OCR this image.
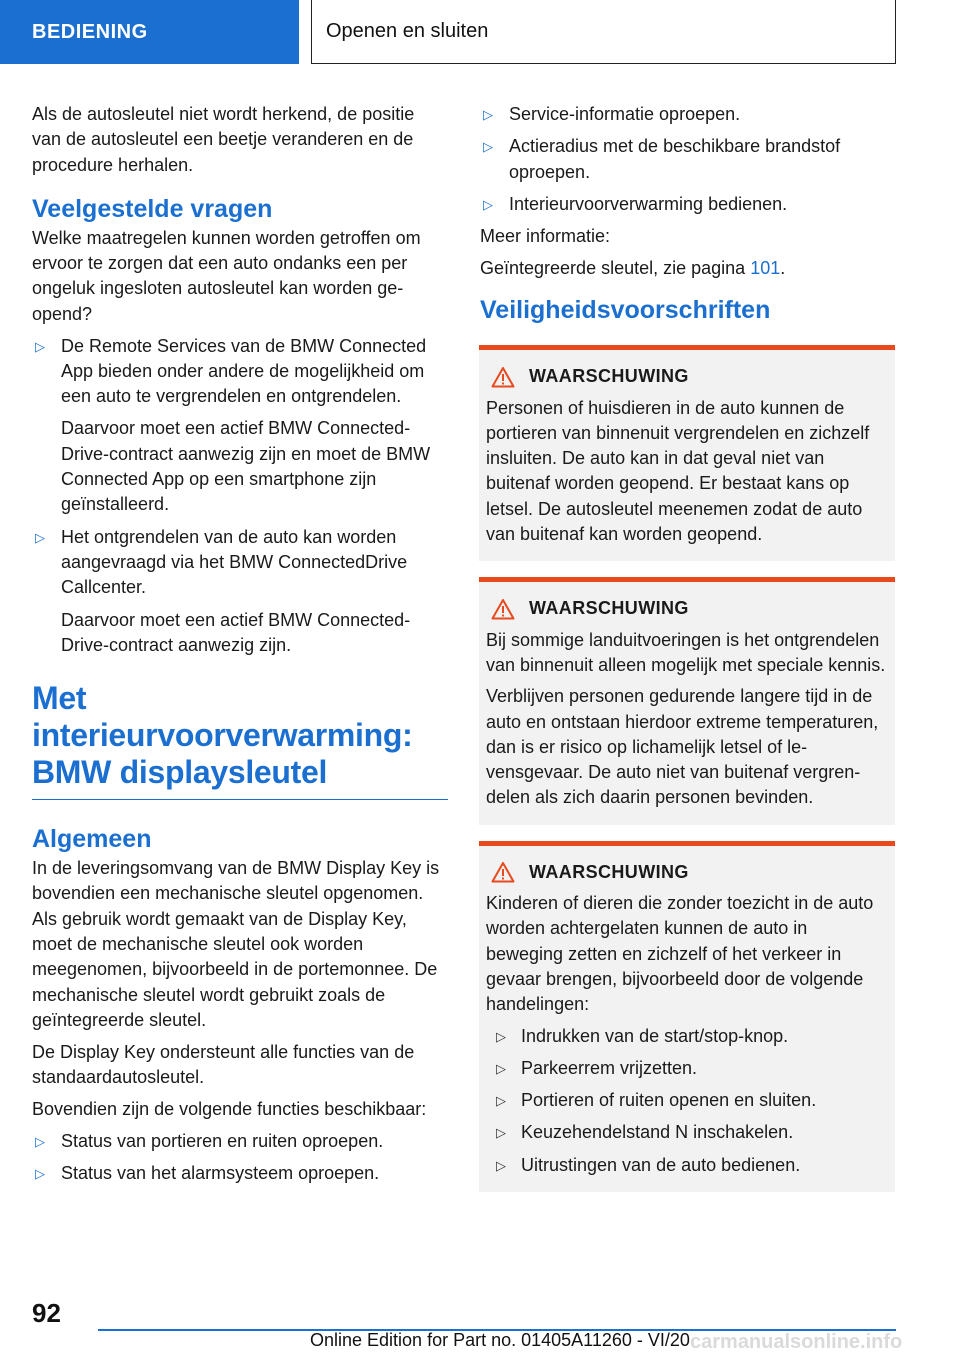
BEDIENING	Openen en sluiten

Als de autosleutel niet wordt herkend, de positie van de autosleutel een beetje veranderen en de procedure herhalen.

Veelgestelde vragen

Welke maatregelen kunnen worden getroffen om ervoor te zorgen dat een auto ondanks een per ongeluk ingesloten autosleutel kan worden geopend?

▷ De Remote Services van de BMW Connected App bieden onder andere de mogelijkheid om een auto te vergrendelen en ontgrendelen.

Daarvoor moet een actief BMW ConnectedDrive-contract aanwezig zijn en moet de BMW Connected App op een smartphone zijn geïnstalleerd.

▷ Het ontgrendelen van de auto kan worden aangevraagd via het BMW ConnectedDrive Callcenter.

Daarvoor moet een actief BMW ConnectedDrive-contract aanwezig zijn.

Met interieurvoorverwarming: BMW displaysleutel
Algemeen

In de leveringsomvang van de BMW Display Key is bovendien een mechanische sleutel opgenomen. Als gebruik wordt gemaakt van de Display Key, moet de mechanische sleutel ook worden meegenomen, bijvoorbeeld in de portemonnee. De mechanische sleutel wordt gebruikt zoals de geïntegreerde sleutel.

De Display Key ondersteunt alle functies van de standaardautosleutel.

Bovendien zijn de volgende functies beschikbaar:

▷ Status van portieren en ruiten oproepen.
▷ Status van het alarmsysteem oproepen.
▷ Service-informatie oproepen.
▷ Actieradius met de beschikbare brandstof oproepen.
▷ Interieurvoorverwarming bedienen.

Meer informatie:

Geïntegreerde sleutel, zie pagina 101.

Veiligheidsvoorschriften
WAARSCHUWING

Personen of huisdieren in de auto kunnen de portieren van binnenuit vergrendelen en zichzelf insluiten. De auto kan in dat geval niet van buitenaf worden geopend. Er bestaat kans op letsel. De autosleutel meenemen zodat de auto van buitenaf kan worden geopend.

WAARSCHUWING

Bij sommige landuitvoeringen is het ontgrendelen van binnenuit alleen mogelijk met speciale kennis.

Verblijven personen gedurende langere tijd in de auto en ontstaan hierdoor extreme temperaturen, dan is er risico op lichamelijk letsel of levensgevaar. De auto niet van buitenaf vergrendelen als zich daarin personen bevinden.

WAARSCHUWING

Kinderen of dieren die zonder toezicht in de auto worden achtergelaten kunnen de auto in beweging zetten en zichzelf of het verkeer in gevaar brengen, bijvoorbeeld door de volgende handelingen:

▷ Indrukken van de start/stop-knop.
▷ Parkeerrem vrijzetten.
▷ Portieren of ruiten openen en sluiten.
▷ Keuzehendelstand N inschakelen.
▷ Uitrustingen van de auto bedienen.
92
Online Edition for Part no. 01405A11260 - VI/20 carmanualsonline.info
